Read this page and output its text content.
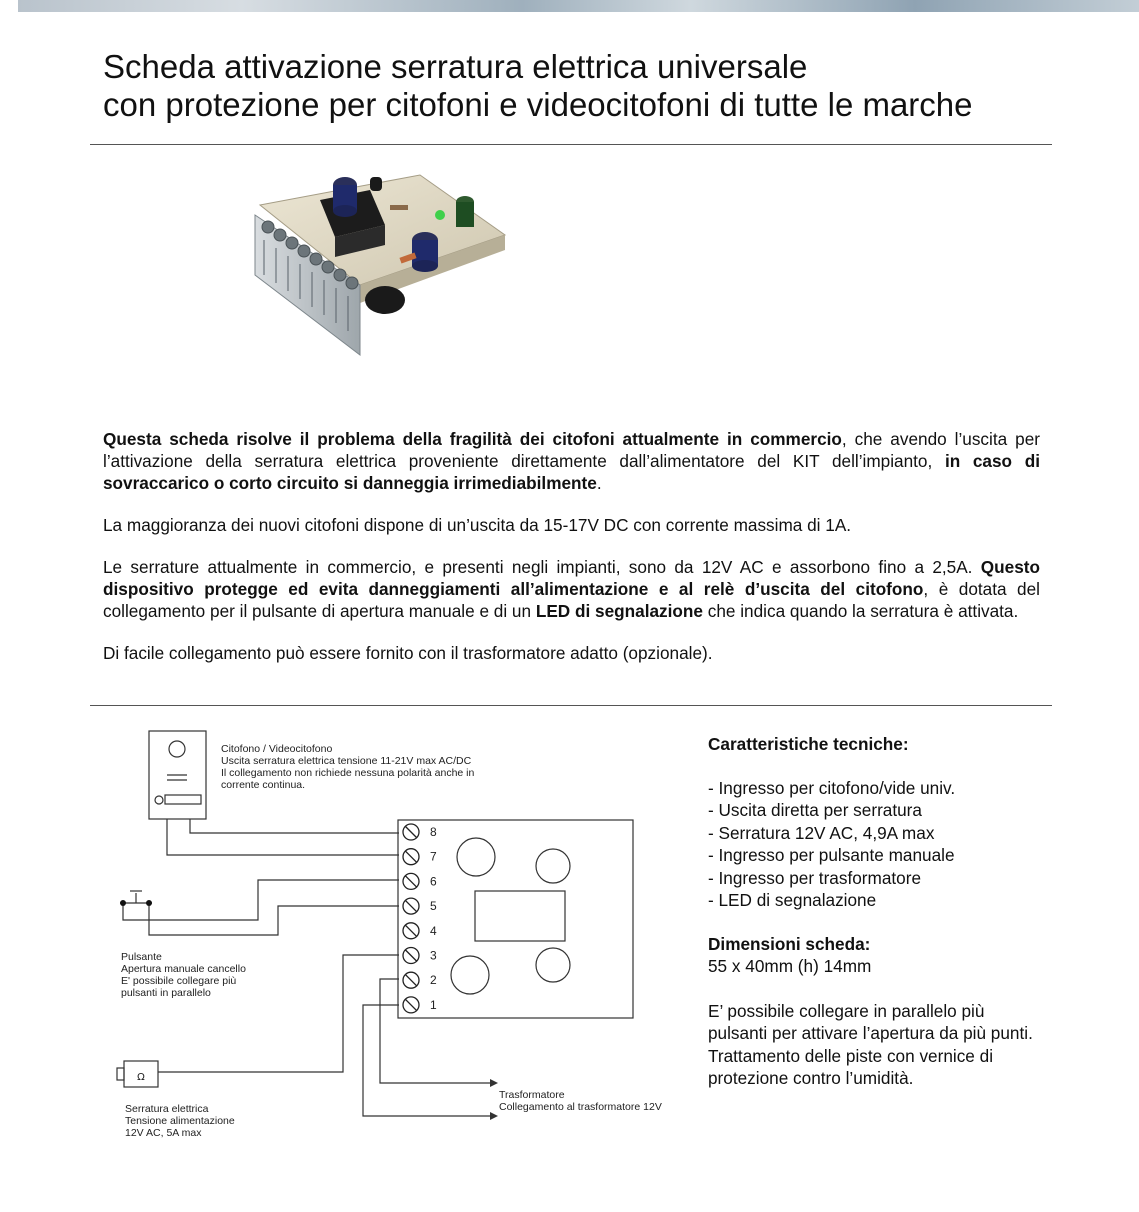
Scheda attivazione serratura elettrica universale
con protezione per citofoni e videocitofoni di tutte le marche

Questa scheda risolve il problema della fragilità dei citofoni attualmente in commercio, che avendo l’uscita per l’attivazione della serratura elettrica proveniente direttamente dall’alimentatore del KIT dell’impianto, in caso di sovraccarico o corto circuito si danneggia irrimediabilmente.

La maggioranza dei nuovi citofoni dispone di un’uscita da 15-17V DC con corrente massima di 1A.

Le serrature attualmente in commercio, e presenti negli impianti, sono da 12V AC e assorbono fino a 2,5A. Questo dispositivo protegge ed evita danneggiamenti all’alimentazione e al relè d’uscita del citofono, è dotata del collegamento per il pulsante di apertura manuale e di un LED di segnalazione che indica quando la serratura è attivata.

Di facile collegamento può essere fornito con il trasformatore adatto (opzionale).

8
7
6
5
4
3
2
1
Ω
Citofono / Videocitofono
Uscita serratura elettrica tensione 11-21V max AC/DC
Il collegamento non richiede nessuna polarità anche in
corrente continua.
Pulsante
Apertura manuale cancello
E' possibile collegare più
pulsanti in parallelo
Serratura elettrica
Tensione alimentazione
12V AC, 5A max
Trasformatore
Collegamento al trasformatore 12V
Caratteristiche tecniche:
- Ingresso per citofono/vide univ.
- Uscita diretta per serratura
- Serratura 12V AC, 4,9A max
- Ingresso per pulsante manuale
- Ingresso per trasformatore
- LED di segnalazione
Dimensioni scheda:

55 x 40mm (h) 14mm

E’ possibile collegare in parallelo più pulsanti per attivare l’apertura da più punti.

Trattamento delle piste con vernice di protezione contro l’umidità.
